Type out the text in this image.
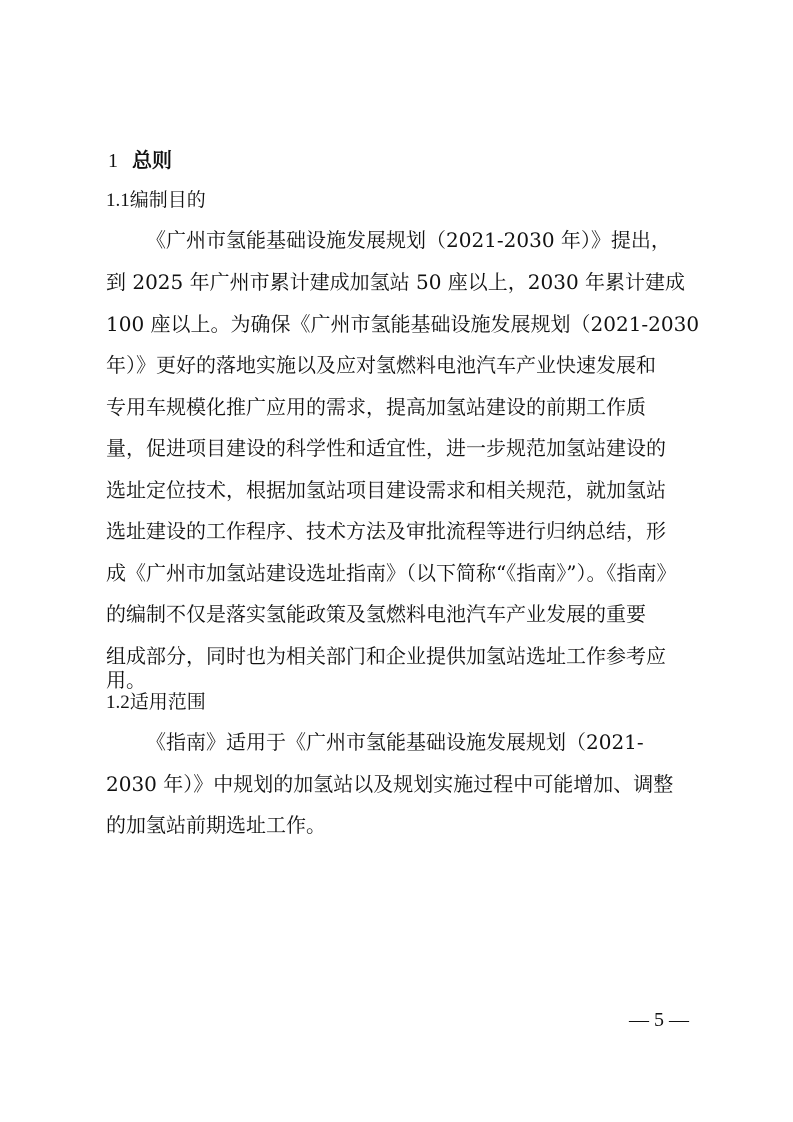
1 总则
1.1编制目的
《广州市氢能基础设施发展规划（2021-2030 年）》提出，
到 2025 年广州市累计建成加氢站 50 座以上，2030 年累计建成
100 座以上。为确保《广州市氢能基础设施发展规划（2021-2030
年）》更好的落地实施以及应对氢燃料电池汽车产业快速发展和
专用车规模化推广应用的需求，提高加氢站建设的前期工作质
量，促进项目建设的科学性和适宜性，进一步规范加氢站建设的
选址定位技术，根据加氢站项目建设需求和相关规范，就加氢站
选址建设的工作程序、技术方法及审批流程等进行归纳总结，形
成《广州市加氢站建设选址指南》（以下简称“《指南》”）。《指南》
的编制不仅是落实氢能政策及氢燃料电池汽车产业发展的重要
组成部分，同时也为相关部门和企业提供加氢站选址工作参考应
用。
1.2适用范围
《指南》适用于《广州市氢能基础设施发展规划（2021-
2030 年）》中规划的加氢站以及规划实施过程中可能增加、调整
的加氢站前期选址工作。
— 5 —
